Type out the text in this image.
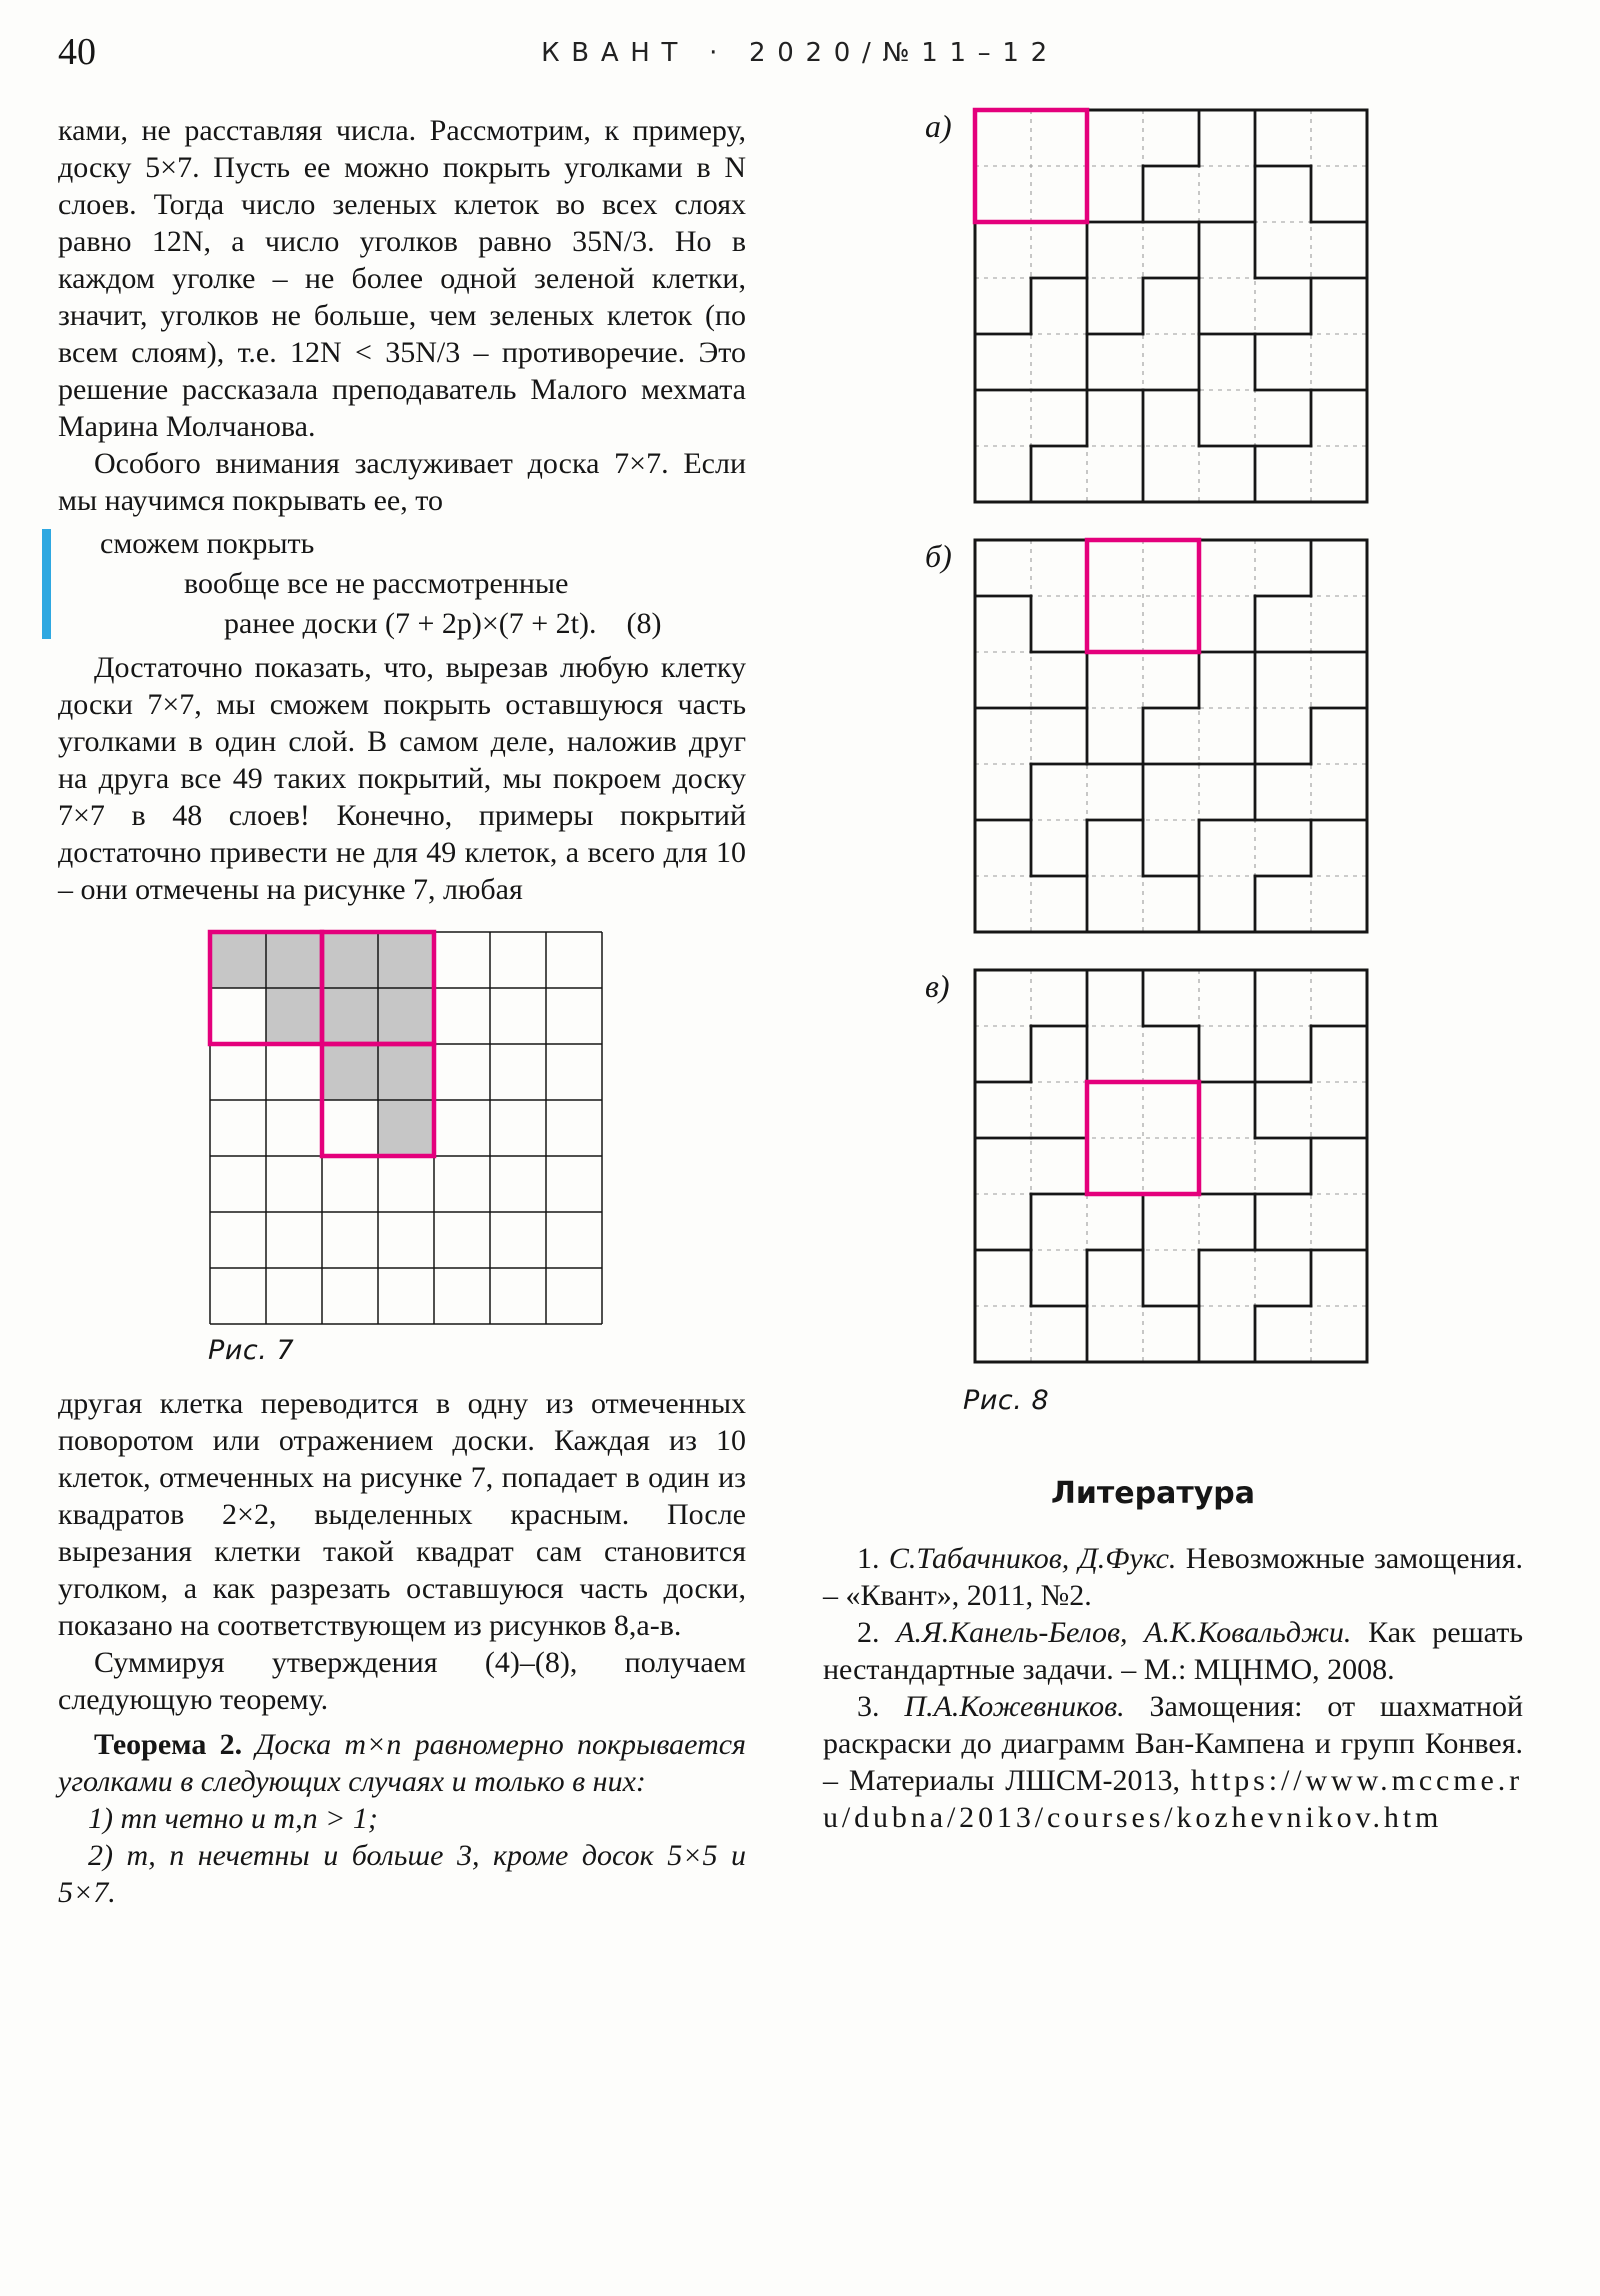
40	КВАНТ · 2020/№11–12

ками, не расставляя числа. Рассмотрим, к примеру, доску 5×7. Пусть ее можно покрыть уголками в N слоев. Тогда число зеленых клеток во всех слоях равно 12N, а число уголков равно 35N/3. Но в каждом уголке – не более одной зеленой клетки, значит, уголков не больше, чем зеленых клеток (по всем слоям), т.е. 12N < 35N/3 – противоречие. Это решение рассказала преподаватель Малого мехмата Марина Молчанова.

Особого внимания заслуживает доска 7×7. Если мы научимся покрывать ее, то

сможем покрыть
вообще все не рассмотренные
ранее доски (7 + 2p)×(7 + 2t). (8)

Достаточно показать, что, вырезав любую клетку доски 7×7, мы сможем покрыть оставшуюся часть уголками в один слой. В самом деле, наложив друг на друга все 49 таких покрытий, мы покроем доску 7×7 в 48 слоев! Конечно, примеры покрытий достаточно привести не для 49 клеток, а всего для 10 – они отмечены на рисунке 7, любая

Рис. 7

другая клетка переводится в одну из отмеченных поворотом или отражением доски. Каждая из 10 клеток, отмеченных на рисунке 7, попадает в один из квадратов 2×2, выделенных красным. После вырезания клетки такой квадрат сам становится уголком, а как разрезать оставшуюся часть доски, показано на соответствующем из рисунков 8,а-в.

Суммируя утверждения (4)–(8), получаем следующую теорему.

Теорема 2. Доска m×n равномерно покрывается уголками в следующих случаях и только в них:

1) mn четно и m,n > 1;

2) m, n нечетны и больше 3, кроме досок 5×5 и 5×7.

а)
б)
в)
Рис. 8
Литература

1. С.Табачников, Д.Фукс. Невозможные замощения. – «Квант», 2011, №2.

2. А.Я.Канель-Белов, А.К.Ковальджи. Как решать нестандартные задачи. – М.: МЦНМО, 2008.

3. П.А.Кожевников. Замощения: от шахматной раскраски до диаграмм Ван-Кампена и групп Конвея. – Материалы ЛШСМ-2013, https://www.mccme.ru/dubna/2013/courses/kozhevnikov.htm
